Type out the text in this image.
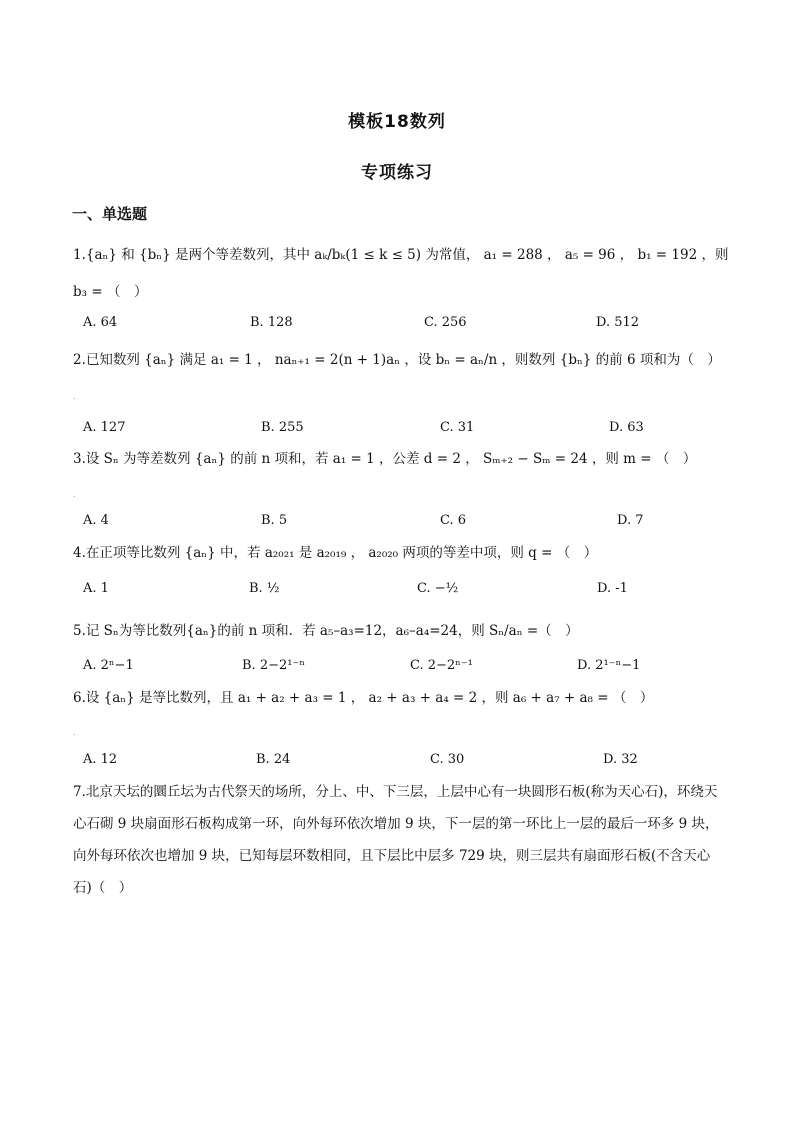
模板18数列
专项练习
一、单选题
1.{aₙ} 和 {bₙ} 是两个等差数列，其中 aₖ/bₖ(1 ≤ k ≤ 5) 为常值， a₁ = 288 ， a₅ = 96 ， b₁ = 192 ，则
b₃ = （　）
A. 64	B. 128	C. 256	D. 512
2.已知数列 {aₙ} 满足 a₁ = 1 ， naₙ₊₁ = 2(n + 1)aₙ ，设 bₙ = aₙ/n ，则数列 {bₙ} 的前 6 项和为（　）
.
A. 127	B. 255	C. 31	D. 63
3.设 Sₙ 为等差数列 {aₙ} 的前 n 项和，若 a₁ = 1 ，公差 d = 2 ， Sₘ₊₂ − Sₘ = 24 ，则 m = （　）
.
A. 4	B. 5	C. 6	D. 7
4.在正项等比数列 {aₙ} 中，若 a₂₀₂₁ 是 a₂₀₁₉ ， a₂₀₂₀ 两项的等差中项，则 q = （　）
A. 1	B. ½	C. −½	D. -1
5.记 Sₙ为等比数列{aₙ}的前 n 项和．若 a₅–a₃=12，a₆–a₄=24，则 Sₙ/aₙ =（　）
A. 2ⁿ−1	B. 2−2¹⁻ⁿ	C. 2−2ⁿ⁻¹	D. 2¹⁻ⁿ−1
6.设 {aₙ} 是等比数列，且 a₁ + a₂ + a₃ = 1 ， a₂ + a₃ + a₄ = 2 ，则 a₆ + a₇ + a₈ = （　）
.
A. 12	B. 24	C. 30	D. 32
7.北京天坛的圜丘坛为古代祭天的场所，分上、中、下三层，上层中心有一块圆形石板(称为天心石)，环绕天心石砌 9 块扇面形石板构成第一环，向外每环依次增加 9 块，下一层的第一环比上一层的最后一环多 9 块，向外每环依次也增加 9 块，已知每层环数相同，且下层比中层多 729 块，则三层共有扇面形石板(不含天心石)（　）
